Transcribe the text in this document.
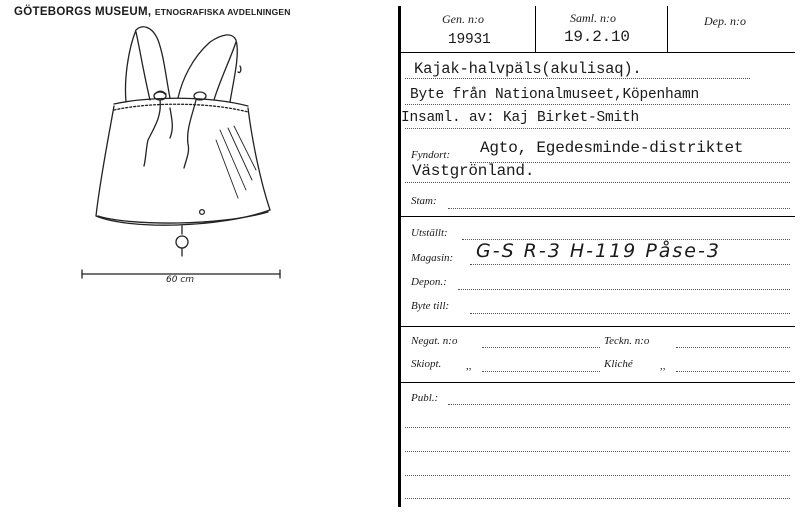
GÖTEBORGS MUSEUM, ETNOGRAFISKA AVDELNINGEN
60 cm
Gen. n:o
19931
Saml. n:o
19.2.10
Dep. n:o
Kajak-halvpäls(akulisaq).
Byte från Nationalmuseet,Köpenhamn
Insaml. av: Kaj Birket-Smith
Fyndort: Agto, Egedesminde-distriktet
Västgrönland.
Stam:
Utställt:
Magasin: G-S R-3 H-119 Påse-3
Depon.:
Byte till:
Negat. n:o	Teckn. n:o
Skiopt. ,,	Kliché ,,
Publ.:
